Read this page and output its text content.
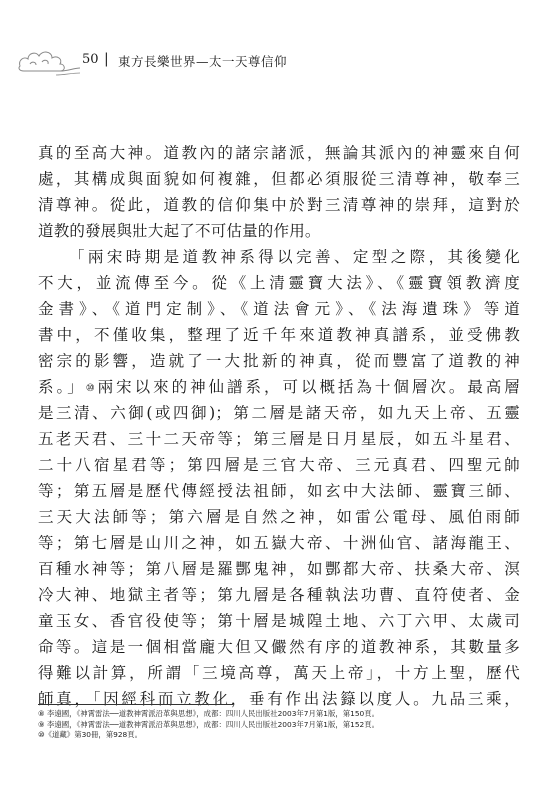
50 | 東方長樂世界—太一天尊信仰
真的至高大神。道教內的諸宗諸派，無論其派內的神靈來自何
處，其構成與面貌如何複雜，但都必須服從三清尊神，敬奉三
清尊神。從此，道教的信仰集中於對三清尊神的崇拜，這對於
道教的發展與壯大起了不可估量的作用。
「兩宋時期是道教神系得以完善、定型之際，其後變化
不大，並流傳至今。從《上清靈寶大法》、《靈寶領教濟度
金書》、《道門定制》、《道法會元》、《法海遺珠》等道
書中，不僅收集，整理了近千年來道教神真譜系，並受佛教
密宗的影響，造就了一大批新的神真，從而豐富了道教的神
系。」⑩兩宋以來的神仙譜系，可以概括為十個層次。最高層
是三清、六御(或四御)；第二層是諸天帝，如九天上帝、五靈
五老天君、三十二天帝等；第三層是日月星辰，如五斗星君、
二十八宿星君等；第四層是三官大帝、三元真君、四聖元帥
等；第五層是歷代傳經授法祖師，如玄中大法師、靈寶三師、
三天大法師等；第六層是自然之神，如雷公電母、風伯雨師
等；第七層是山川之神，如五嶽大帝、十洲仙官、諸海龍王、
百種水神等；第八層是羅酆鬼神，如酆都大帝、扶桑大帝、溟
冷大神、地獄主者等；第九層是各種執法功曹、直符使者、金
童玉女、香官役使等；第十層是城隍土地、六丁六甲、太歲司
命等。這是一個相當龐大但又儼然有序的道教神系，其數量多
得難以計算，所謂「三境高尊，萬天上帝」，十方上聖，歷代
師真，「因經科而立教化，垂有作出法籙以度人。九品三乘，
⑧ 李遠國，《神霄雷法──道教神霄派沿革與思想》，成都：四川人民出版社2003年7月第1版，第150頁。
⑨ 李遠國，《神霄雷法──道教神霄派沿革與思想》，成都：四川人民出版社2003年7月第1版，第152頁。
⑩《道藏》第30冊，第928頁。
